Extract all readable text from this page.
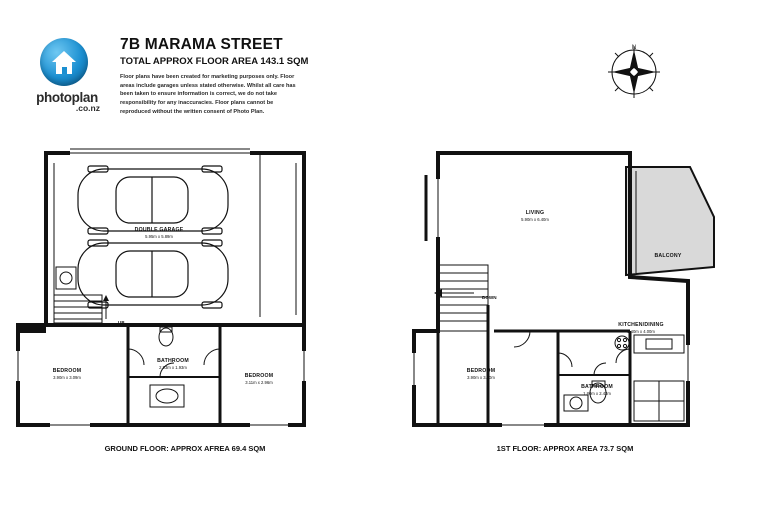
photoplan
.co.nz
7B MARAMA STREET
TOTAL APPROX FLOOR AREA 143.1 SQM
Floor plans have been created for marketing purposes only. Floor areas include garages unless stated otherwise. Whilst all care has been taken to ensure information is correct, we do not take responsibility for any inaccuracies. Floor plans cannot be reproduced without the written consent of Photo Plan.
N
DOUBLE GARAGE
5.95m x 5.89m
BEDROOM
3.90m x 3.09m	BEDROOM
3.11m x 2.96m
BATHROOM
2.93m x 1.93m
STAIRS	UP
GROUND FLOOR: APPROX AFREA 69.4 SQM
LIVING
5.90m x 6.40m
BALCONY
KITCHEN/DINING
3.40m x 4.00m
BEDROOM
3.90m x 3.30m
BATHROOM
1.80m x 2.43m
DOWN
1ST FLOOR: APPROX AREA 73.7 SQM
